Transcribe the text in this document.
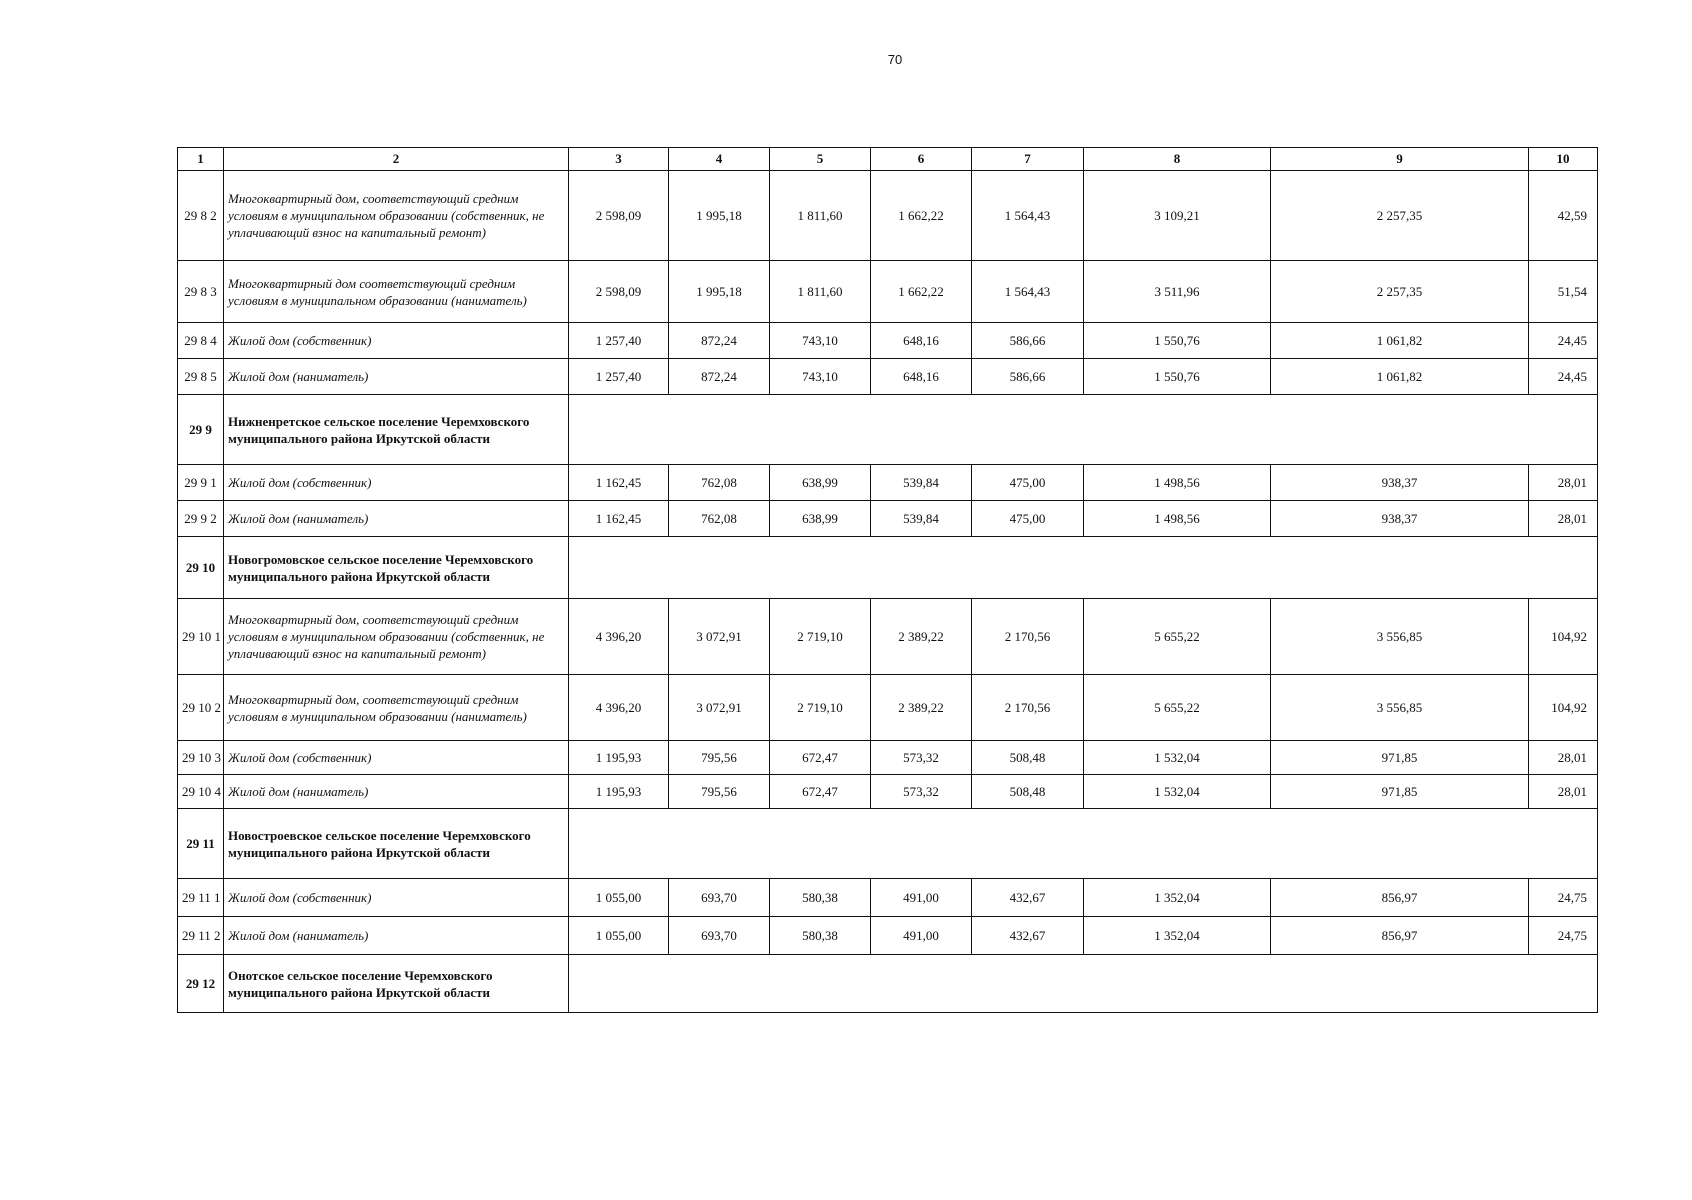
70
1	2	3	4	5	6	7	8	9	10
29 8 2	Многоквартирный дом, соответствующий средним условиям в муниципальном образовании (собственник, не уплачивающий взнос на капитальный ремонт)	2 598,09	1 995,18	1 811,60	1 662,22	1 564,43	3 109,21	2 257,35	42,59
29 8 3	Многоквартирный дом соответствующий средним условиям в муниципальном образовании (наниматель)	2 598,09	1 995,18	1 811,60	1 662,22	1 564,43	3 511,96	2 257,35	51,54
29 8 4	Жилой дом (собственник)	1 257,40	872,24	743,10	648,16	586,66	1 550,76	1 061,82	24,45
29 8 5	Жилой дом (наниматель)	1 257,40	872,24	743,10	648,16	586,66	1 550,76	1 061,82	24,45
29 9	Нижненретское сельское поселение Черемховского муниципального района Иркутской области								
29 9 1	Жилой дом (собственник)	1 162,45	762,08	638,99	539,84	475,00	1 498,56	938,37	28,01
29 9 2	Жилой дом (наниматель)	1 162,45	762,08	638,99	539,84	475,00	1 498,56	938,37	28,01
29 10	Новогромовское сельское поселение Черемховского муниципального района Иркутской области								
29 10 1	Многоквартирный дом, соответствующий средним условиям в муниципальном образовании (собственник, не уплачивающий взнос на капитальный ремонт)	4 396,20	3 072,91	2 719,10	2 389,22	2 170,56	5 655,22	3 556,85	104,92
29 10 2	Многоквартирный дом, соответствующий средним условиям в муниципальном образовании (наниматель)	4 396,20	3 072,91	2 719,10	2 389,22	2 170,56	5 655,22	3 556,85	104,92
29 10 3	Жилой дом (собственник)	1 195,93	795,56	672,47	573,32	508,48	1 532,04	971,85	28,01
29 10 4	Жилой дом (наниматель)	1 195,93	795,56	672,47	573,32	508,48	1 532,04	971,85	28,01
29 11	Новостроевское сельское поселение Черемховского муниципального района Иркутской области								
29 11 1	Жилой дом (собственник)	1 055,00	693,70	580,38	491,00	432,67	1 352,04	856,97	24,75
29 11 2	Жилой дом (наниматель)	1 055,00	693,70	580,38	491,00	432,67	1 352,04	856,97	24,75
29 12	Онотское сельское поселение Черемховского муниципального района Иркутской области								
